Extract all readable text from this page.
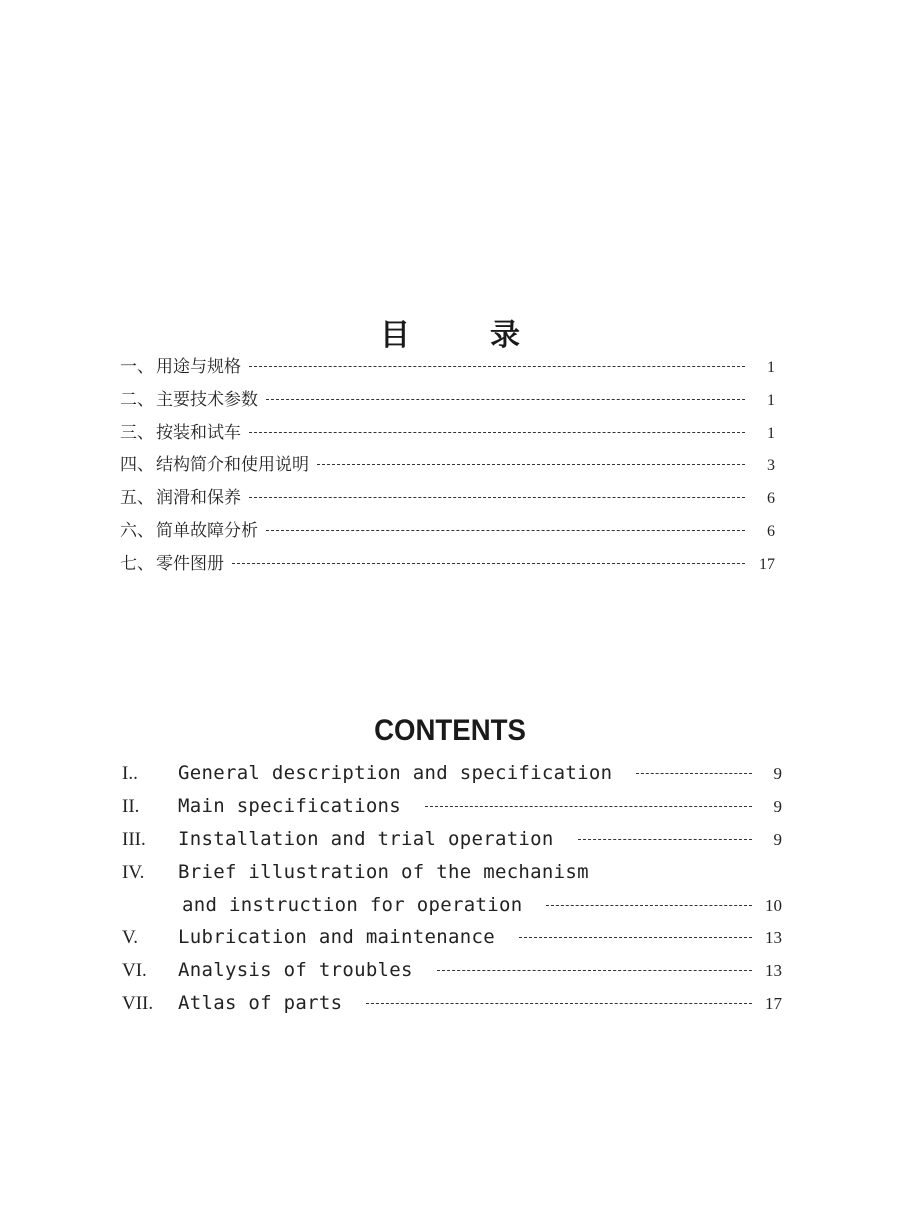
目	录
一、 用途与规格	1
二、 主要技术参数	1
三、 按装和试车	1
四、 结构简介和使用说明	3
五、 润滑和保养	6
六、 简单故障分析	6
七、 零件图册	17
CONTENTS
I..	General description and specification	9
II.	Main specifications	9
III.	Installation and trial operation	9
IV.	Brief illustration of the mechanism
and instruction for operation	10
V.	Lubrication and maintenance	13
VI.	Analysis of troubles	13
VII.	Atlas of parts	17
